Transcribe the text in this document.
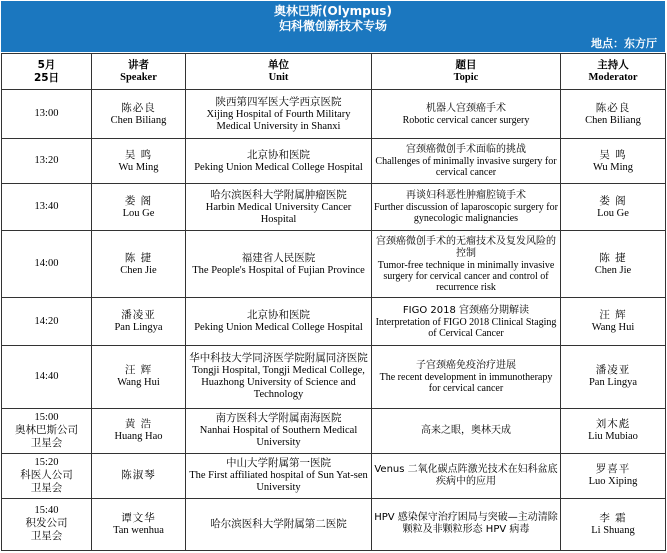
奥林巴斯(Olympus)
妇科微创新技术专场
地点：东方厅
5月
25日	讲者
Speaker	单位
Unit	题目
Topic	主持人
Moderator

13:00	陈必良
Chen Biliang	陕西第四军医大学西京医院
Xijing Hospital of Fourth Military Medical University in Shanxi	机器人宫颈癌手术
Robotic cervical cancer surgery	陈必良
Chen Biliang

13:20	吴 鸣
Wu Ming	北京协和医院
Peking Union Medical College Hospital	宫颈癌微创手术面临的挑战
Challenges of minimally invasive surgery for cervical cancer	吴 鸣
Wu Ming

13:40	娄 阁
Lou Ge	哈尔滨医科大学附属肿瘤医院
Harbin Medical University Cancer Hospital	再谈妇科恶性肿瘤腔镜手术
Further discussion of laparoscopic surgery for gynecologic malignancies	娄 阁
Lou Ge

14:00	陈 捷
Chen Jie	福建省人民医院
The People's Hospital of Fujian Province	宫颈癌微创手术的无瘤技术及复发风险的控制
Tumor-free technique in minimally invasive surgery for cervical cancer and control of recurrence risk	陈 捷
Chen Jie

14:20	潘凌亚
Pan Lingya	北京协和医院
Peking Union Medical College Hospital	FIGO 2018 宫颈癌分期解读
Interpretation of FIGO 2018 Clinical Staging of Cervical Cancer	汪 辉
Wang Hui

14:40	汪 辉
Wang Hui	华中科技大学同济医学院附属同济医院
Tongji Hospital, Tongji Medical College, Huazhong University of Science and Technology	子宫颈癌免疫治疗进展
The recent development in immunotherapy for cervical cancer	潘凌亚
Pan Lingya

15:00
奥林巴斯公司
卫星会	黄 浩
Huang Hao	南方医科大学附属南海医院
Nanhai Hospital of Southern Medical University	高来之眼，奥林天成	刘木彪
Liu Mubiao

15:20
科医人公司
卫星会	陈淑琴	中山大学附属第一医院
The First affiliated hospital of Sun Yat-sen University	Venus 二氧化碳点阵激光技术在妇科盆底疾病中的应用	罗喜平
Luo Xiping

15:40
积发公司
卫星会	谭文华
Tan wenhua	哈尔滨医科大学附属第二医院	HPV 感染保守治疗困局与突破—主动清除颗粒及非颗粒形态 HPV 病毒	李 霜
Li Shuang
